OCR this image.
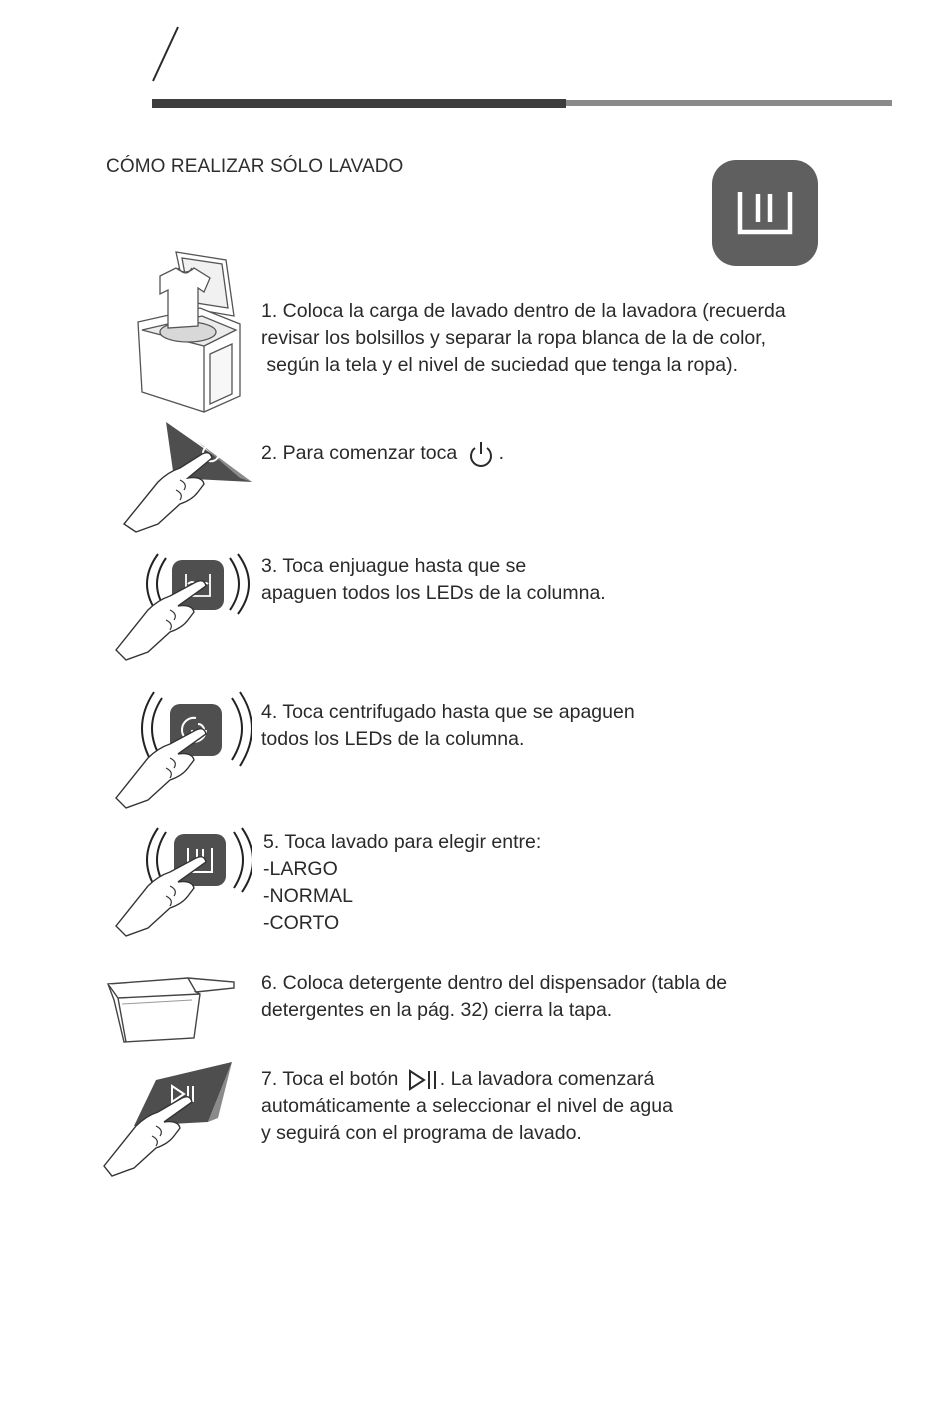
CÓMO REALIZAR SÓLO LAVADO
1. Coloca la carga de lavado dentro de la lavadora (recuerda
revisar los bolsillos y separar la ropa blanca de la de color,
según la tela y el nivel de suciedad que tenga la ropa).
2. Para comenzar toca .
3. Toca enjuague hasta que se
apaguen todos los LEDs de la columna.
4. Toca centrifugado hasta que se apaguen
todos los LEDs de la columna.
5. Toca lavado para elegir entre:
-LARGO
-NORMAL
-CORTO
6. Coloca detergente dentro del dispensador (tabla de
detergentes en la pág. 32) cierra la tapa.
7. Toca el botón . La lavadora comenzará
automáticamente a seleccionar el nivel de agua
y seguirá con el programa de lavado.
